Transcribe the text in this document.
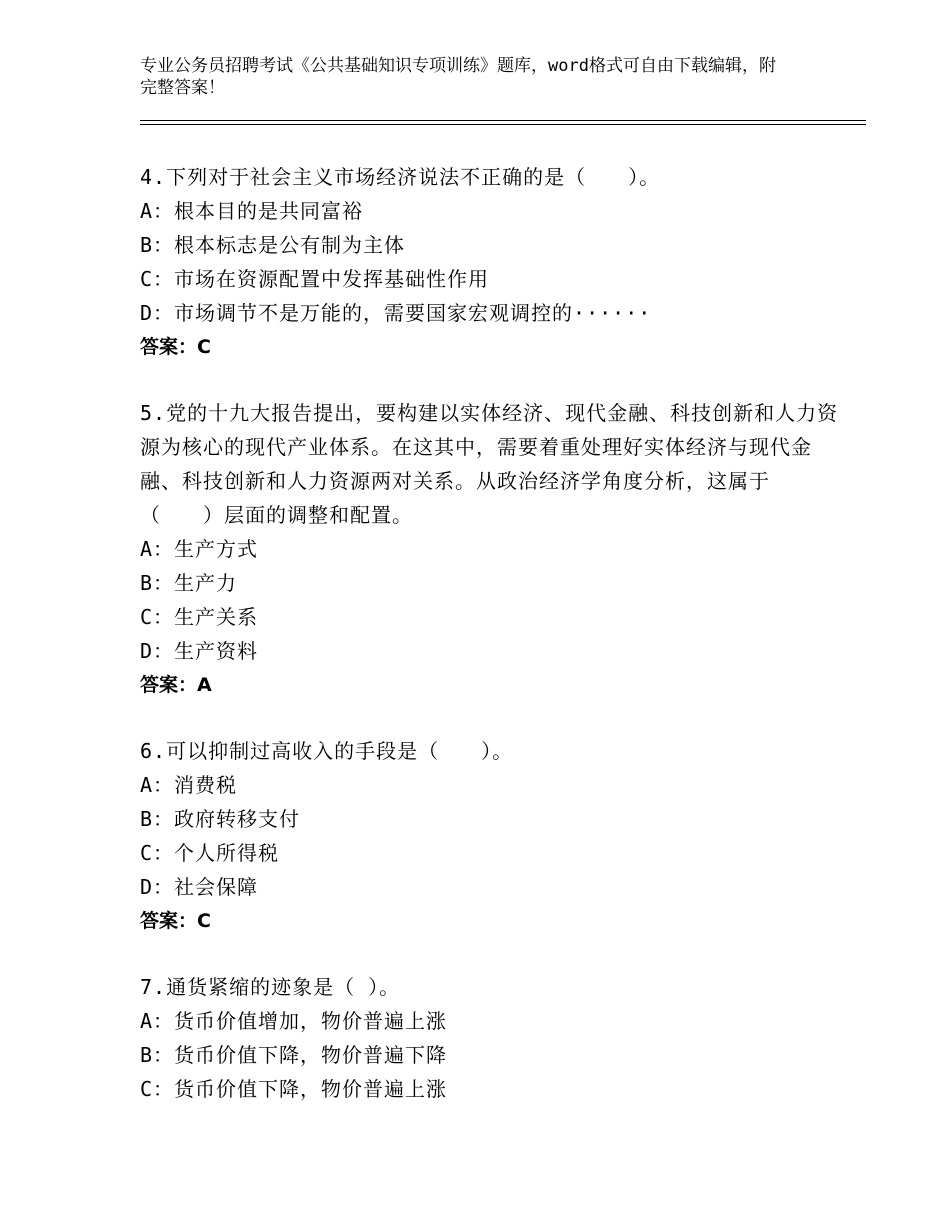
专业公务员招聘考试《公共基础知识专项训练》题库，word格式可自由下载编辑，附完整答案！
4.下列对于社会主义市场经济说法不正确的是（　　）。
A：根本目的是共同富裕
B：根本标志是公有制为主体
C：市场在资源配置中发挥基础性作用
D：市场调节不是万能的，需要国家宏观调控的······
答案：C
5.党的十九大报告提出，要构建以实体经济、现代金融、科技创新和人力资源为核心的现代产业体系。在这其中，需要着重处理好实体经济与现代金融、科技创新和人力资源两对关系。从政治经济学角度分析，这属于（　　）层面的调整和配置。
A：生产方式
B：生产力
C：生产关系
D：生产资料
答案：A
6.可以抑制过高收入的手段是（　　）。
A：消费税
B：政府转移支付
C：个人所得税
D：社会保障
答案：C
7.通货紧缩的迹象是（ ）。
A：货币价值增加，物价普遍上涨
B：货币价值下降，物价普遍下降
C：货币价值下降，物价普遍上涨
